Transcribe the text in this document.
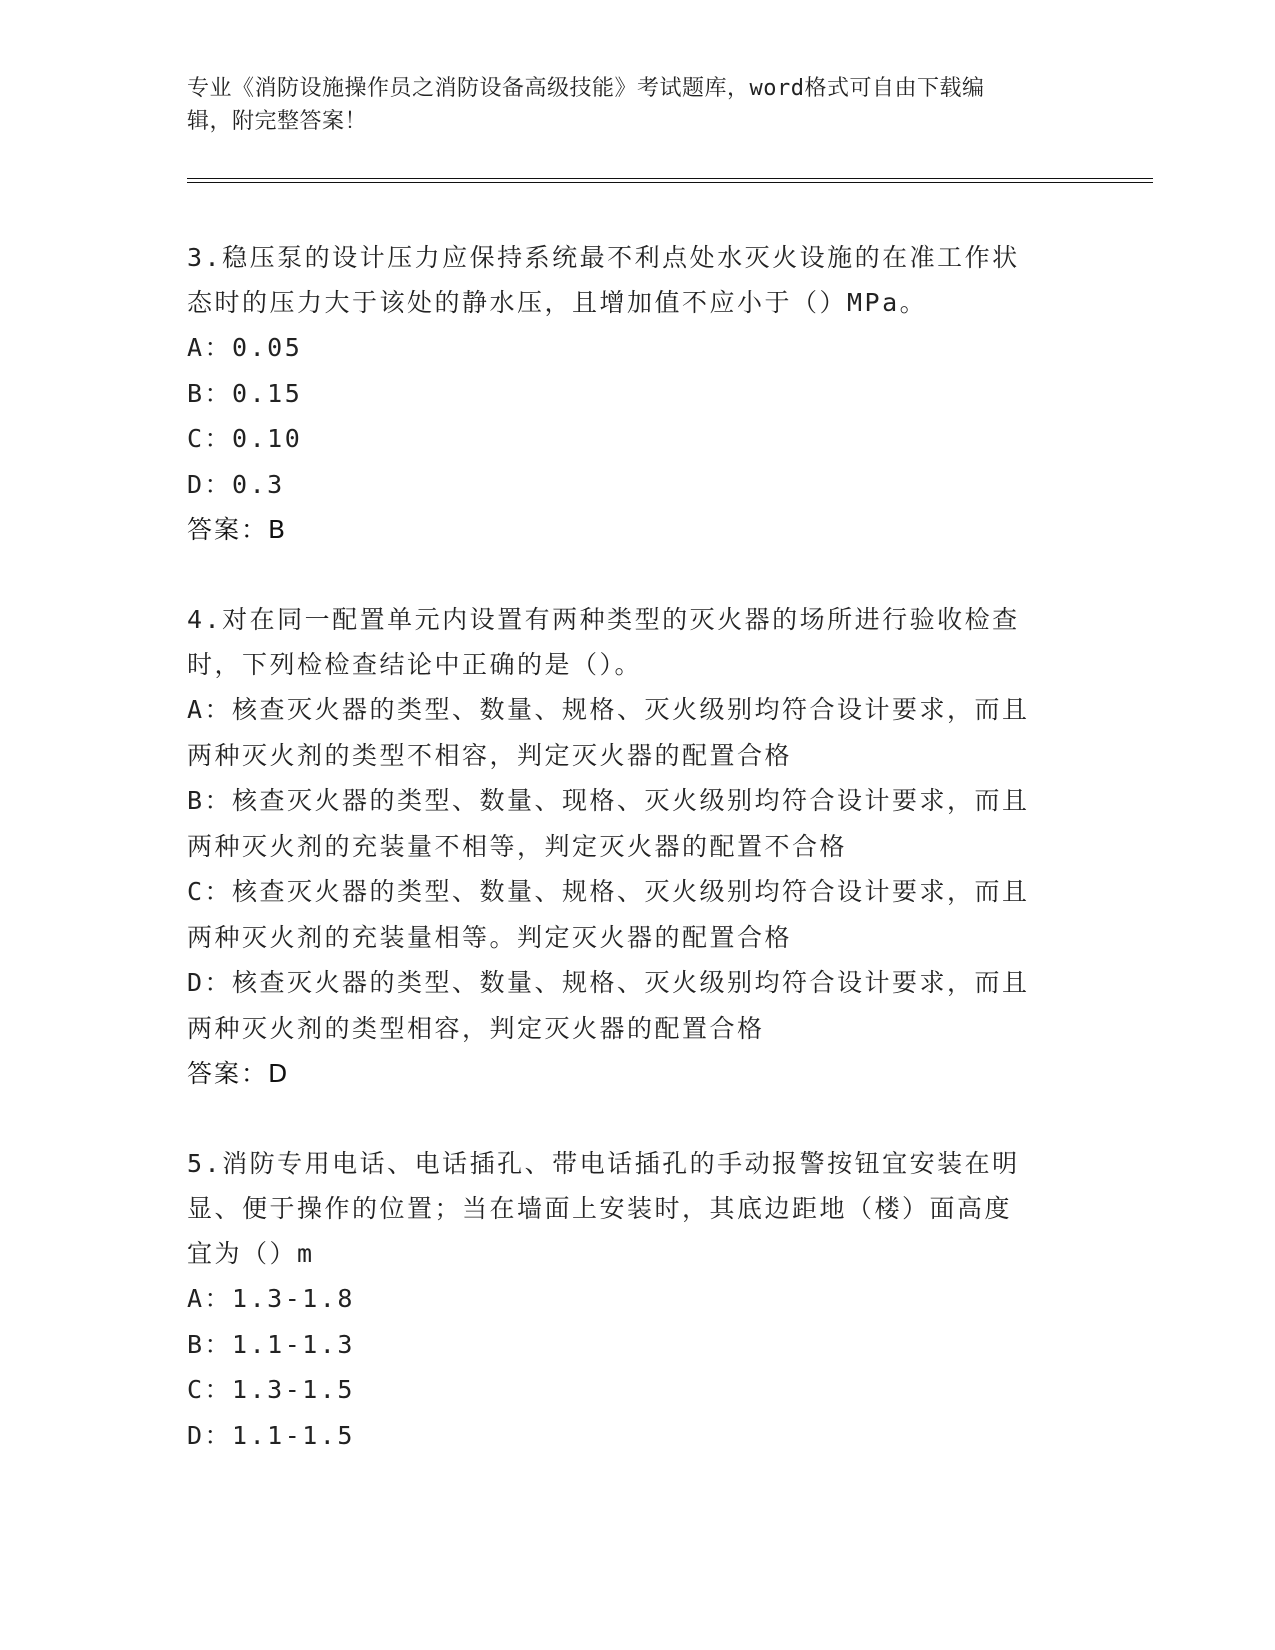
专业《消防设施操作员之消防设备高级技能》考试题库，word格式可自由下载编
辑，附完整答案！
3.稳压泵的设计压力应保持系统最不利点处水灭火设施的在准工作状
态时的压力大于该处的静水压，且增加值不应小于（）MPa。
A：0.05
B：0.15
C：0.10
D：0.3
答案：B
4.对在同一配置单元内设置有两种类型的灭火器的场所进行验收检查
时，下列检检查结论中正确的是（）。
A：核查灭火器的类型、数量、规格、灭火级别均符合设计要求，而且
两种灭火剂的类型不相容，判定灭火器的配置合格
B：核查灭火器的类型、数量、现格、灭火级别均符合设计要求，而且
两种灭火剂的充装量不相等，判定灭火器的配置不合格
C：核查灭火器的类型、数量、规格、灭火级别均符合设计要求，而且
两种灭火剂的充装量相等。判定灭火器的配置合格
D：核查灭火器的类型、数量、规格、灭火级别均符合设计要求，而且
两种灭火剂的类型相容，判定灭火器的配置合格
答案：D
5.消防专用电话、电话插孔、带电话插孔的手动报警按钮宜安装在明
显、便于操作的位置；当在墙面上安装时，其底边距地（楼）面高度
宜为（）m
A：1.3-1.8
B：1.1-1.3
C：1.3-1.5
D：1.1-1.5
